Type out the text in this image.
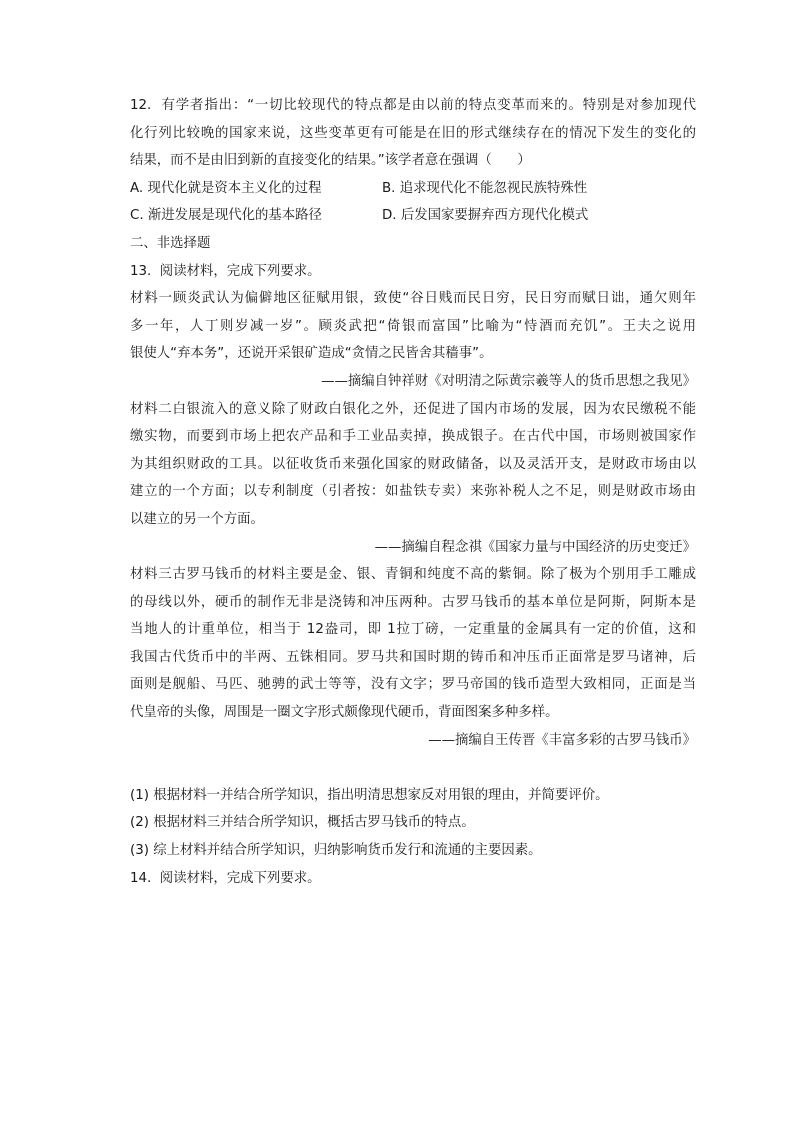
12.  有学者指出：“一切比较现代的特点都是由以前的特点变革而来的。特别是对参加现代
化行列比较晚的国家来说，这些变革更有可能是在旧的形式继续存在的情况下发生的变化的
结果，而不是由旧到新的直接变化的结果。”该学者意在强调（      ）
A. 现代化就是资本主义化的过程	B. 追求现代化不能忽视民族特殊性
C. 渐进发展是现代化的基本路径	D. 后发国家要摒弃西方现代化模式
二、非选择题
13.  阅读材料，完成下列要求。
材料一顾炎武认为偏僻地区征赋用银，致使“谷日贱而民日穷，民日穷而赋日诎，通欠则年
多一年，人丁则岁减一岁”。顾炎武把“倚银而富国”比喻为“恃酒而充饥”。王夫之说用
银使人“弃本务”，还说开采银矿造成“贪情之民皆舍其穑事”。
——摘编自钟祥财《对明清之际黄宗羲等人的货币思想之我见》
材料二白银流入的意义除了财政白银化之外，还促进了国内市场的发展，因为农民缴税不能
缴实物，而要到市场上把农产品和手工业品卖掉，换成银子。在古代中国，市场则被国家作
为其组织财政的工具。以征收货币来强化国家的财政储备，以及灵活开支，是财政市场由以
建立的一个方面；以专利制度（引者按：如盐铁专卖）来弥补税人之不足，则是财政市场由
以建立的另一个方面。
——摘编自程念祺《国家力量与中国经济的历史变迁》
材料三古罗马钱币的材料主要是金、银、青铜和纯度不高的紫铜。除了极为个别用手工雕成
的母线以外，硬币的制作无非是浇铸和冲压两种。古罗马钱币的基本单位是阿斯，阿斯本是
当地人的计重单位，相当于 12盎司，即 1拉丁磅，一定重量的金属具有一定的价值，这和
我国古代货币中的半两、五铢相同。罗马共和国时期的铸币和冲压币正面常是罗马诸神，后
面则是舰船、马匹、驰骋的武士等等，没有文字；罗马帝国的钱币造型大致相同，正面是当
代皇帝的头像，周围是一圈文字形式颇像现代硬币，背面图案多种多样。
——摘编自王传晋《丰富多彩的古罗马钱币》
(1) 根据材料一并结合所学知识，指出明清思想家反对用银的理由，并简要评价。
(2) 根据材料三并结合所学知识，概括古罗马钱币的特点。
(3) 综上材料并结合所学知识，归纳影响货币发行和流通的主要因素。
14.  阅读材料，完成下列要求。
